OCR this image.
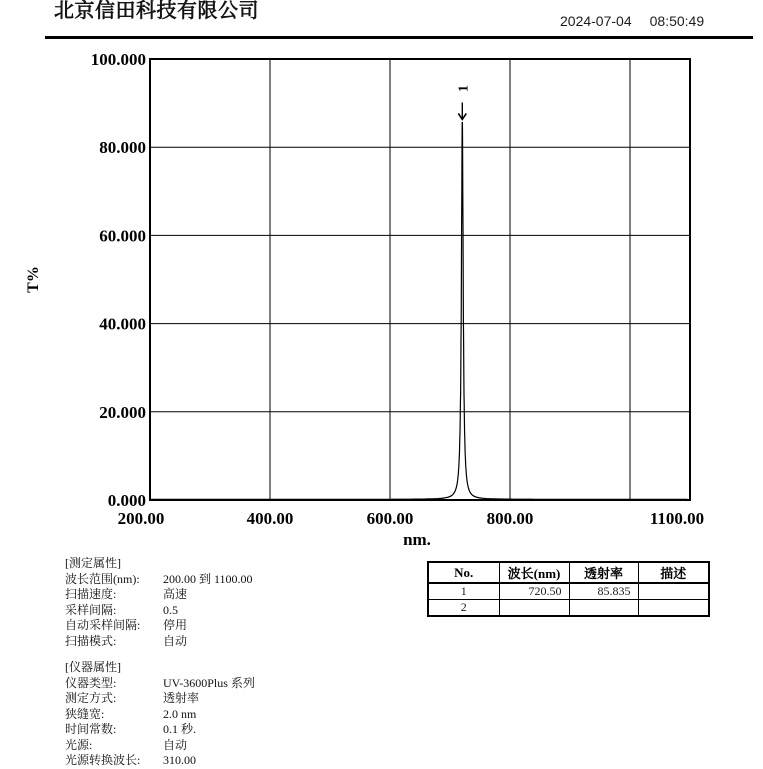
北京信田科技有限公司	2024-07-04 08:50:49
0.000
20.000
40.000
60.000
80.000
100.000
200.00	400.00	600.00	800.00	1100.00
nm.
T%
1
[测定属性]
波长范围(nm): 200.00 到 1100.00
扫描速度:	高速
采样间隔:	0.5
自动采样间隔: 停用
扫描模式:	自动
[仪器属性]
仪器类型:	UV-3600Plus 系列
测定方式:	透射率
狭缝宽:	2.0 nm
时间常数:	0.1 秒.
光源:	自动
光源转换波长: 310.00
No.	波长(nm)	透射率	描述
1	720.50	85.835	
2			
